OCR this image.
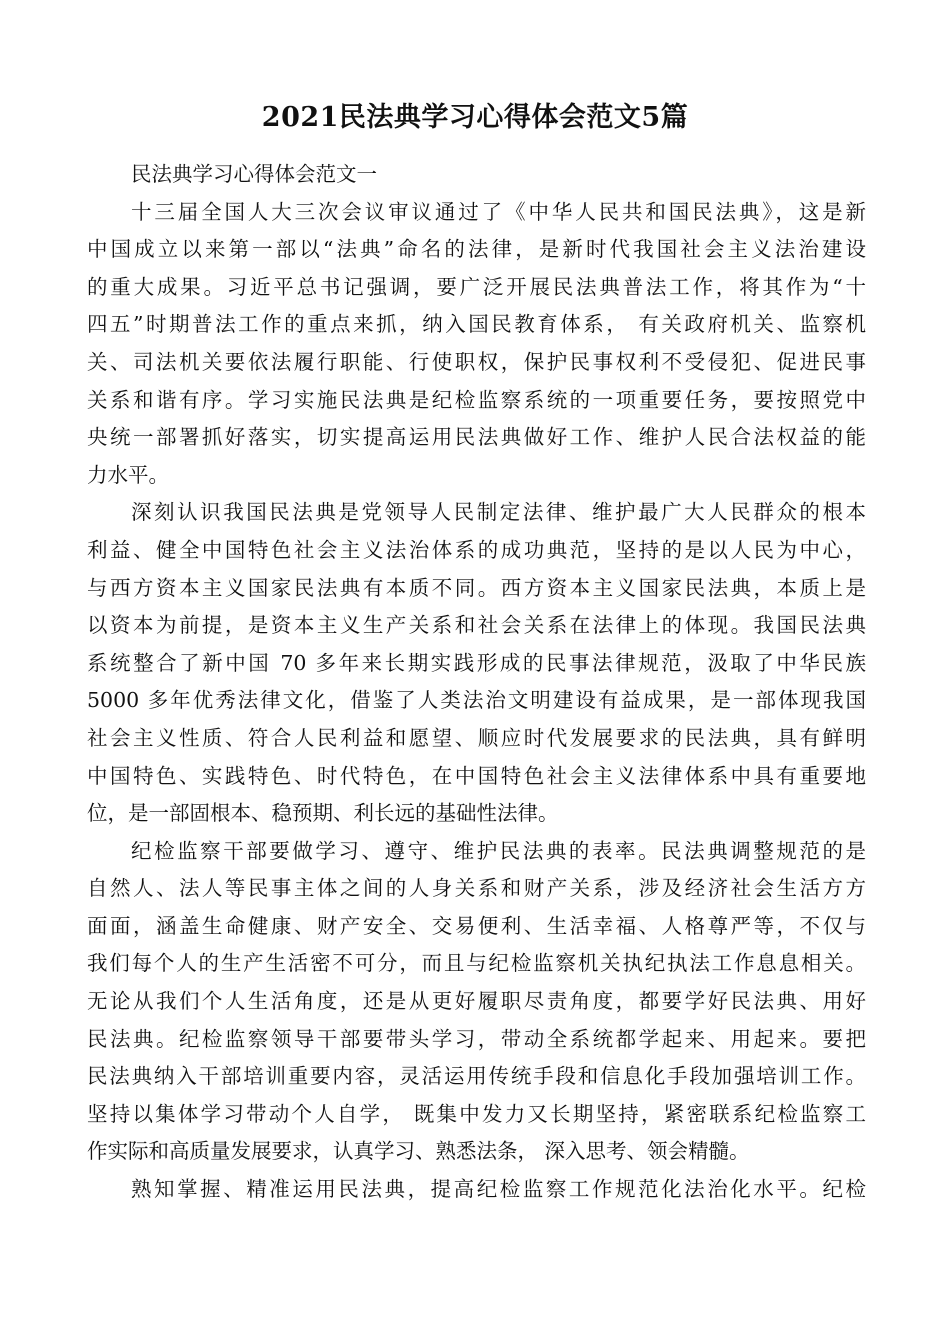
2021民法典学习心得体会范文5篇
民法典学习心得体会范文一
十三届全国人大三次会议审议通过了《中华人民共和国民法典》，这是新
中国成立以来第一部以“法典”命名的法律，是新时代我国社会主义法治建设
的重大成果。习近平总书记强调，要广泛开展民法典普法工作，将其作为“十
四五”时期普法工作的重点来抓，纳入国民教育体系， 有关政府机关、监察机
关、司法机关要依法履行职能、行使职权，保护民事权利不受侵犯、促进民事
关系和谐有序。学习实施民法典是纪检监察系统的一项重要任务，要按照党中
央统一部署抓好落实，切实提高运用民法典做好工作、维护人民合法权益的能
力水平。
深刻认识我国民法典是党领导人民制定法律、维护最广大人民群众的根本
利益、健全中国特色社会主义法治体系的成功典范，坚持的是以人民为中心，
与西方资本主义国家民法典有本质不同。西方资本主义国家民法典，本质上是
以资本为前提，是资本主义生产关系和社会关系在法律上的体现。我国民法典
系统整合了新中国 70 多年来长期实践形成的民事法律规范，汲取了中华民族
5000 多年优秀法律文化，借鉴了人类法治文明建设有益成果，是一部体现我国
社会主义性质、符合人民利益和愿望、顺应时代发展要求的民法典，具有鲜明
中国特色、实践特色、时代特色，在中国特色社会主义法律体系中具有重要地
位，是一部固根本、稳预期、利长远的基础性法律。
纪检监察干部要做学习、遵守、维护民法典的表率。民法典调整规范的是
自然人、法人等民事主体之间的人身关系和财产关系，涉及经济社会生活方方
面面，涵盖生命健康、财产安全、交易便利、生活幸福、人格尊严等，不仅与
我们每个人的生产生活密不可分，而且与纪检监察机关执纪执法工作息息相关。
无论从我们个人生活角度，还是从更好履职尽责角度，都要学好民法典、用好
民法典。纪检监察领导干部要带头学习，带动全系统都学起来、用起来。要把
民法典纳入干部培训重要内容，灵活运用传统手段和信息化手段加强培训工作。
坚持以集体学习带动个人自学， 既集中发力又长期坚持，紧密联系纪检监察工
作实际和高质量发展要求，认真学习、熟悉法条， 深入思考、领会精髓。
熟知掌握、精准运用民法典，提高纪检监察工作规范化法治化水平。纪检
